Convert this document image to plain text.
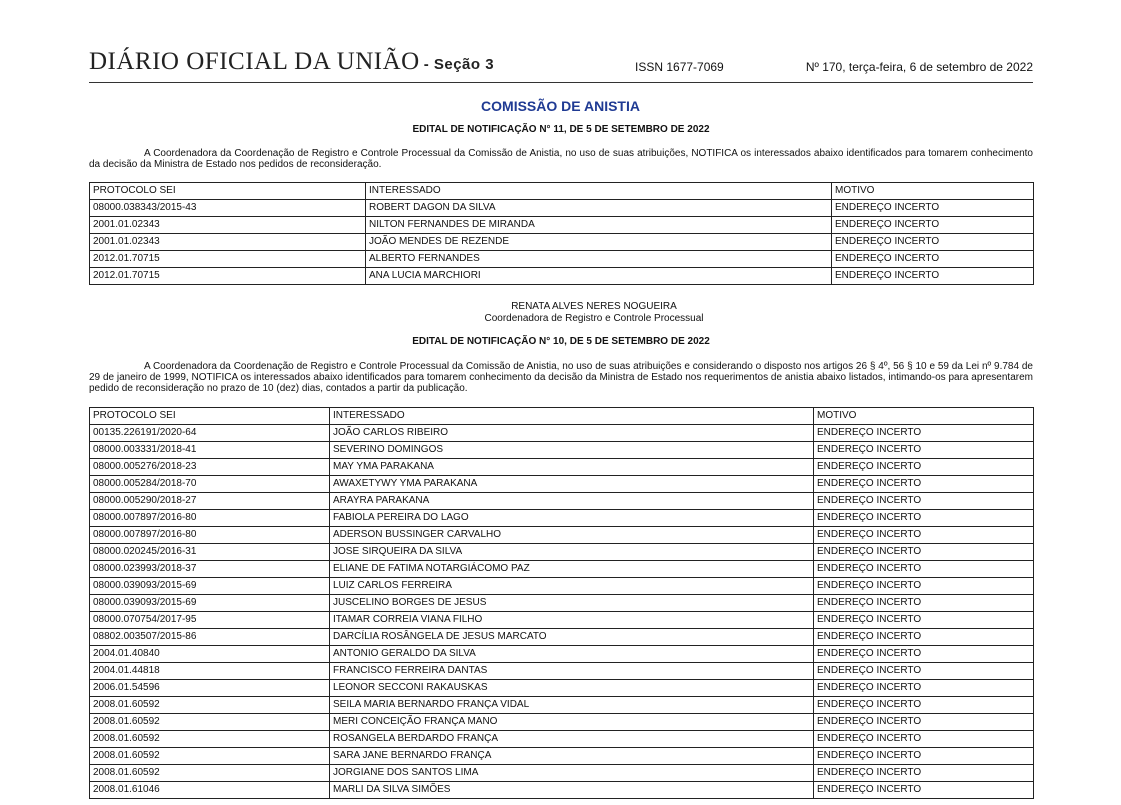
DIÁRIO OFICIAL DA UNIÃO - Seção 3	ISSN 1677-7069	Nº 170, terça-feira, 6 de setembro de 2022
COMISSÃO DE ANISTIA
EDITAL DE NOTIFICAÇÃO N° 11, DE 5 DE SETEMBRO DE 2022

A Coordenadora da Coordenação de Registro e Controle Processual da Comissão de Anistia, no uso de suas atribuições, NOTIFICA os interessados abaixo identificados para tomarem conhecimento da decisão da Ministra de Estado nos pedidos de reconsideração.

PROTOCOLO SEI	INTERESSADO	MOTIVO
08000.038343/2015-43	ROBERT DAGON DA SILVA	ENDEREÇO INCERTO
2001.01.02343	NILTON FERNANDES DE MIRANDA	ENDEREÇO INCERTO
2001.01.02343	JOÃO MENDES DE REZENDE	ENDEREÇO INCERTO
2012.01.70715	ALBERTO FERNANDES	ENDEREÇO INCERTO
2012.01.70715	ANA LUCIA MARCHIORI	ENDEREÇO INCERTO
RENATA ALVES NERES NOGUEIRA
Coordenadora de Registro e Controle Processual
EDITAL DE NOTIFICAÇÃO N° 10, DE 5 DE SETEMBRO DE 2022

A Coordenadora da Coordenação de Registro e Controle Processual da Comissão de Anistia, no uso de suas atribuições e considerando o disposto nos artigos 26 § 4º, 56 § 10 e 59 da Lei nº 9.784 de 29 de janeiro de 1999, NOTIFICA os interessados abaixo identificados para tomarem conhecimento da decisão da Ministra de Estado nos requerimentos de anistia abaixo listados, intimando-os para apresentarem pedido de reconsideração no prazo de 10 (dez) dias, contados a partir da publicação.

PROTOCOLO SEI	INTERESSADO	MOTIVO
00135.226191/2020-64	JOÃO CARLOS RIBEIRO	ENDEREÇO INCERTO
08000.003331/2018-41	SEVERINO DOMINGOS	ENDEREÇO INCERTO
08000.005276/2018-23	MAY YMA PARAKANA	ENDEREÇO INCERTO
08000.005284/2018-70	AWAXETYWY YMA PARAKANA	ENDEREÇO INCERTO
08000.005290/2018-27	ARAYRA PARAKANA	ENDEREÇO INCERTO
08000.007897/2016-80	FABIOLA PEREIRA DO LAGO	ENDEREÇO INCERTO
08000.007897/2016-80	ADERSON BUSSINGER CARVALHO	ENDEREÇO INCERTO
08000.020245/2016-31	JOSE SIRQUEIRA DA SILVA	ENDEREÇO INCERTO
08000.023993/2018-37	ELIANE DE FATIMA NOTARGIÁCOMO PAZ	ENDEREÇO INCERTO
08000.039093/2015-69	LUIZ CARLOS FERREIRA	ENDEREÇO INCERTO
08000.039093/2015-69	JUSCELINO BORGES DE JESUS	ENDEREÇO INCERTO
08000.070754/2017-95	ITAMAR CORREIA VIANA FILHO	ENDEREÇO INCERTO
08802.003507/2015-86	DARCÍLIA ROSÂNGELA DE JESUS MARCATO	ENDEREÇO INCERTO
2004.01.40840	ANTONIO GERALDO DA SILVA	ENDEREÇO INCERTO
2004.01.44818	FRANCISCO FERREIRA DANTAS	ENDEREÇO INCERTO
2006.01.54596	LEONOR SECCONI RAKAUSKAS	ENDEREÇO INCERTO
2008.01.60592	SEILA MARIA BERNARDO FRANÇA VIDAL	ENDEREÇO INCERTO
2008.01.60592	MERI CONCEIÇÃO FRANÇA MANO	ENDEREÇO INCERTO
2008.01.60592	ROSANGELA BERDARDO FRANÇA	ENDEREÇO INCERTO
2008.01.60592	SARA JANE BERNARDO FRANÇA	ENDEREÇO INCERTO
2008.01.60592	JORGIANE DOS SANTOS LIMA	ENDEREÇO INCERTO
2008.01.61046	MARLI DA SILVA SIMÕES	ENDEREÇO INCERTO
